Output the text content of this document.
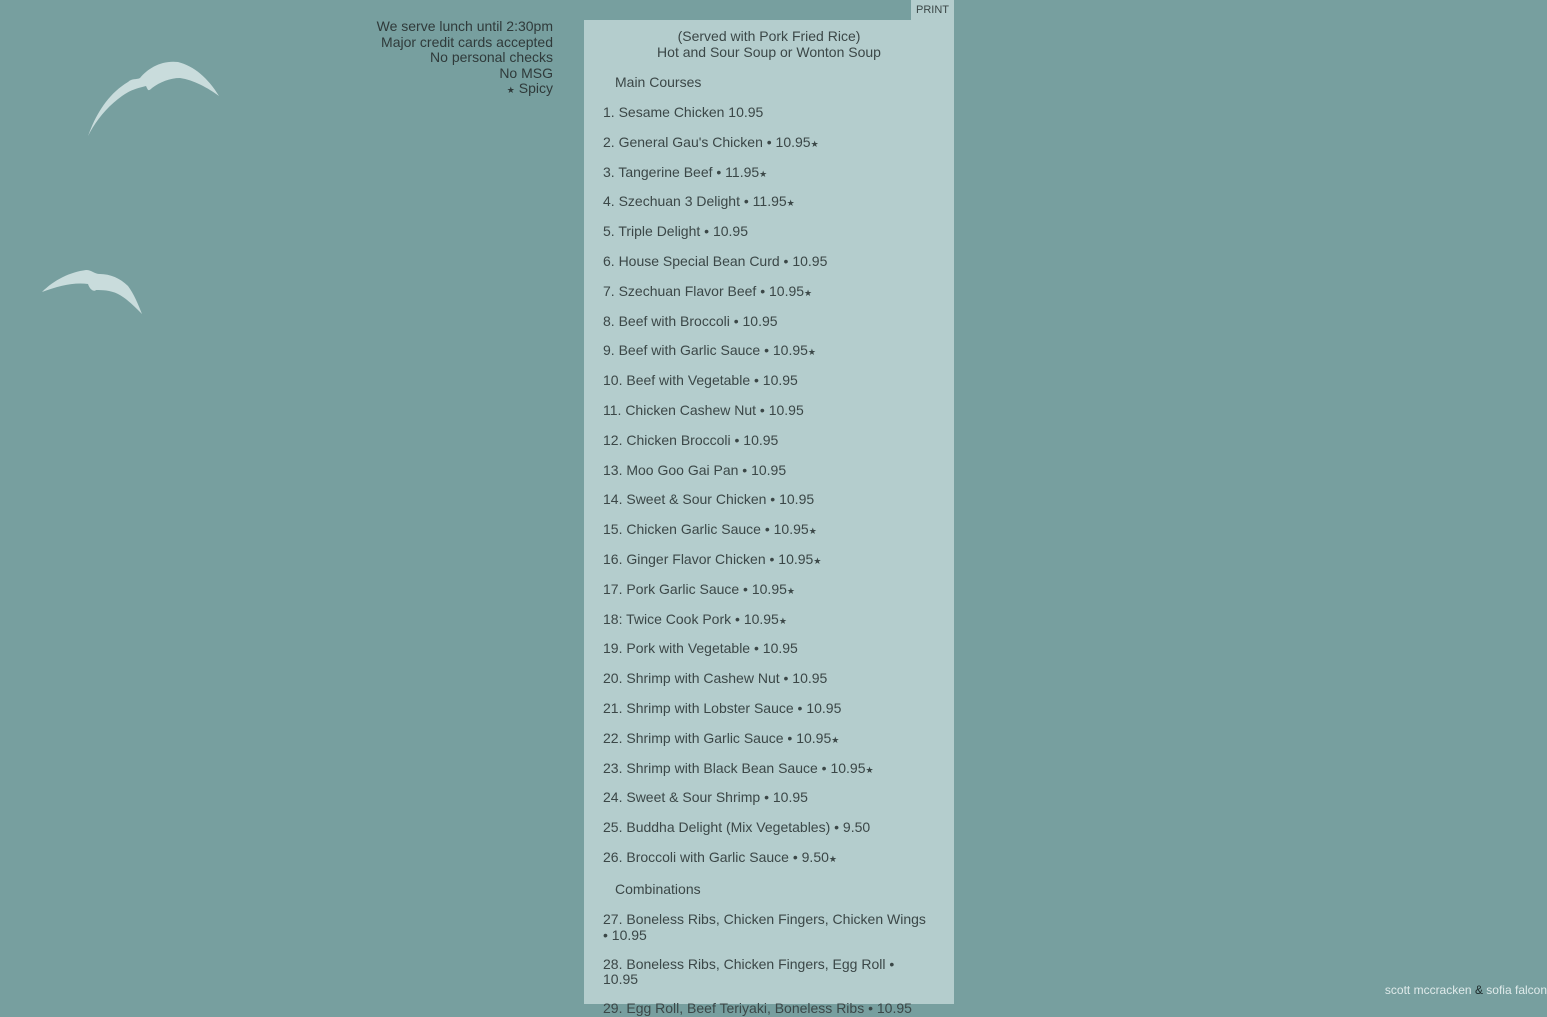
We serve lunch until 2:30pm
Major credit cards accepted
No personal checks
No MSG
★ Spicy
PRINT
(Served with Pork Fried Rice)
Hot and Sour Soup or Wonton Soup
Main Courses
1. Sesame Chicken 10.95
2. General Gau's Chicken • 10.95★
3. Tangerine Beef • 11.95★
4. Szechuan 3 Delight • 11.95★
5. Triple Delight • 10.95
6. House Special Bean Curd • 10.95
7. Szechuan Flavor Beef • 10.95★
8. Beef with Broccoli • 10.95
9. Beef with Garlic Sauce • 10.95★
10. Beef with Vegetable • 10.95
11. Chicken Cashew Nut • 10.95
12. Chicken Broccoli • 10.95
13. Moo Goo Gai Pan • 10.95
14. Sweet & Sour Chicken • 10.95
15. Chicken Garlic Sauce • 10.95★
16. Ginger Flavor Chicken • 10.95★
17. Pork Garlic Sauce • 10.95★
18: Twice Cook Pork • 10.95★
19. Pork with Vegetable • 10.95
20. Shrimp with Cashew Nut • 10.95
21. Shrimp with Lobster Sauce • 10.95
22. Shrimp with Garlic Sauce • 10.95★
23. Shrimp with Black Bean Sauce • 10.95★
24. Sweet & Sour Shrimp • 10.95
25. Buddha Delight (Mix Vegetables) • 9.50
26. Broccoli with Garlic Sauce • 9.50★
Combinations
27. Boneless Ribs, Chicken Fingers, Chicken Wings • 10.95
28. Boneless Ribs, Chicken Fingers, Egg Roll • 10.95
29. Egg Roll, Beef Teriyaki, Boneless Ribs • 10.95
scott mccracken & sofia falcon
